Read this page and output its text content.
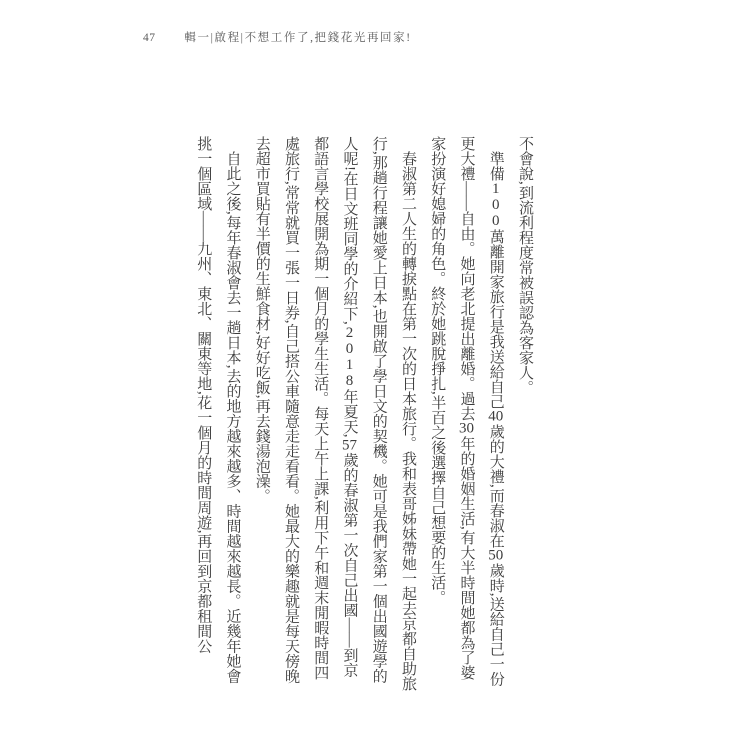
47	輯一|啟程|不想工作了,把錢花光再回家!

不會說,到流利程度常被誤認為客家人。

準備100萬離開家旅行是我送給自己40歲的大禮,而春淑在50歲時,送給自己一份更大禮——自由。她向老北提出離婚。過去30年的婚姻生活,有大半時間她都為了婆家扮演好媳婦的角色。終於她跳脫掙扎,半百之後選擇自己想要的生活。

春淑第二人生的轉捩點在第一次的日本旅行。我和表哥姊妹帶她一起去京都自助旅行,那趟行程讓她愛上日本,也開啟了學日文的契機。她可是我們家第一個出國遊學的人呢!在日文班同學的介紹下,2018年夏天,57歲的春淑第一次自己出國——到京都語言學校展開為期一個月的學生生活。每天上午上課,利用下午和週末閒暇時間四處旅行,常常就買一張一日券,自己搭公車隨意走走看看。她最大的樂趣就是每天傍晚去超市買貼有半價的生鮮食材,好好吃飯,再去錢湯泡澡。

自此之後,每年春淑會去一趟日本,去的地方越來越多、時間越來越長。近幾年她會挑一個區域——九州、東北、關東等地,花一個月的時間周遊,再回到京都租間公
